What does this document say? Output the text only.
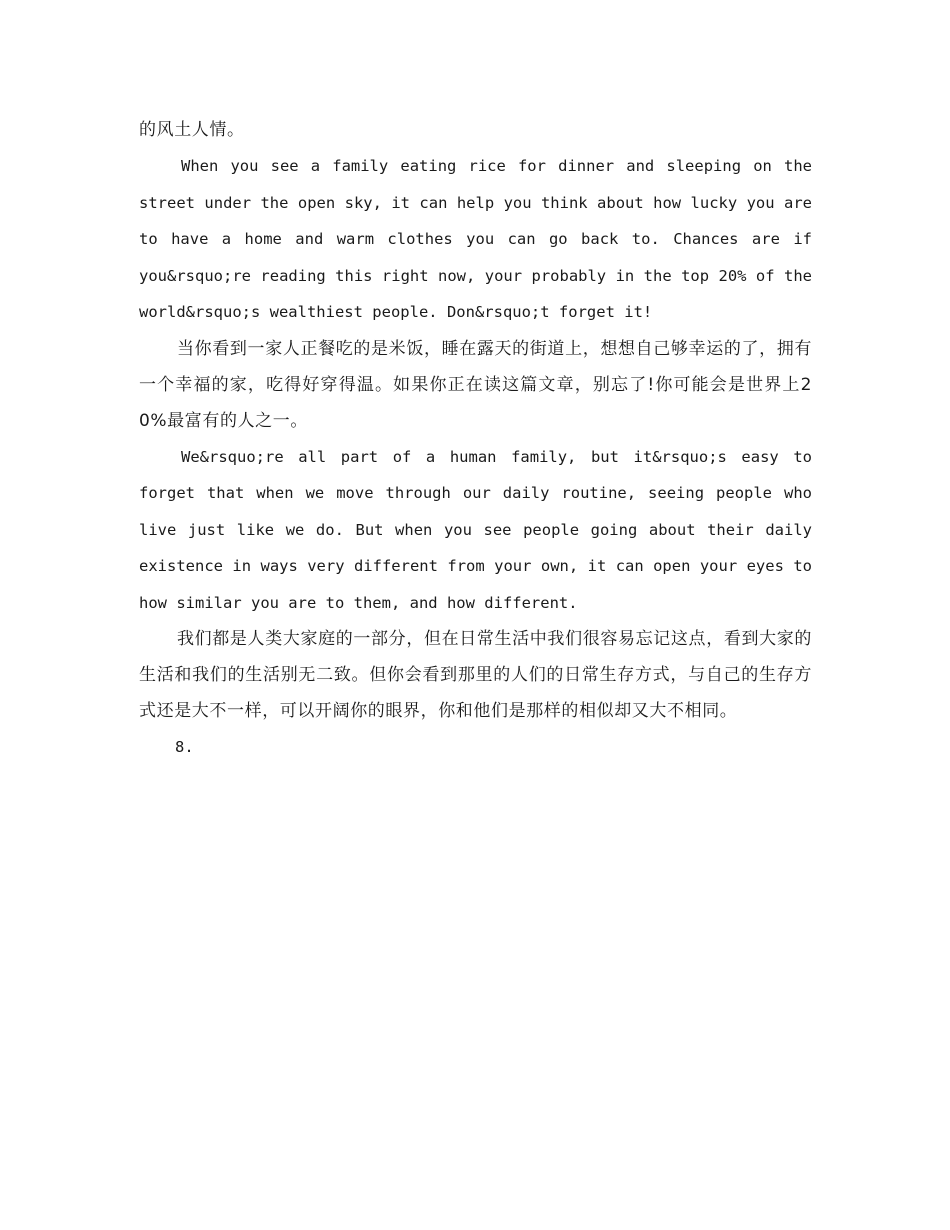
的风土人情。

When you see a family eating rice for dinner and sleeping on the street under the open sky, it can help you think about how lucky you are to have a home and warm clothes you can go back to. Chances are if you&rsquo;re reading this right now, your probably in the top 20% of the world&rsquo;s wealthiest people. Don&rsquo;t forget it!

当你看到一家人正餐吃的是米饭，睡在露天的街道上，想想自己够幸运的了，拥有一个幸福的家，吃得好穿得温。如果你正在读这篇文章，别忘了!你可能会是世界上20%最富有的人之一。

We&rsquo;re all part of a human family, but it&rsquo;s easy to forget that when we move through our daily routine, seeing people who live just like we do. But when you see people going about their daily existence in ways very different from your own, it can open your eyes to how similar you are to them, and how different.

我们都是人类大家庭的一部分，但在日常生活中我们很容易忘记这点，看到大家的生活和我们的生活别无二致。但你会看到那里的人们的日常生存方式，与自己的生存方式还是大不一样，可以开阔你的眼界，你和他们是那样的相似却又大不相同。

8.
